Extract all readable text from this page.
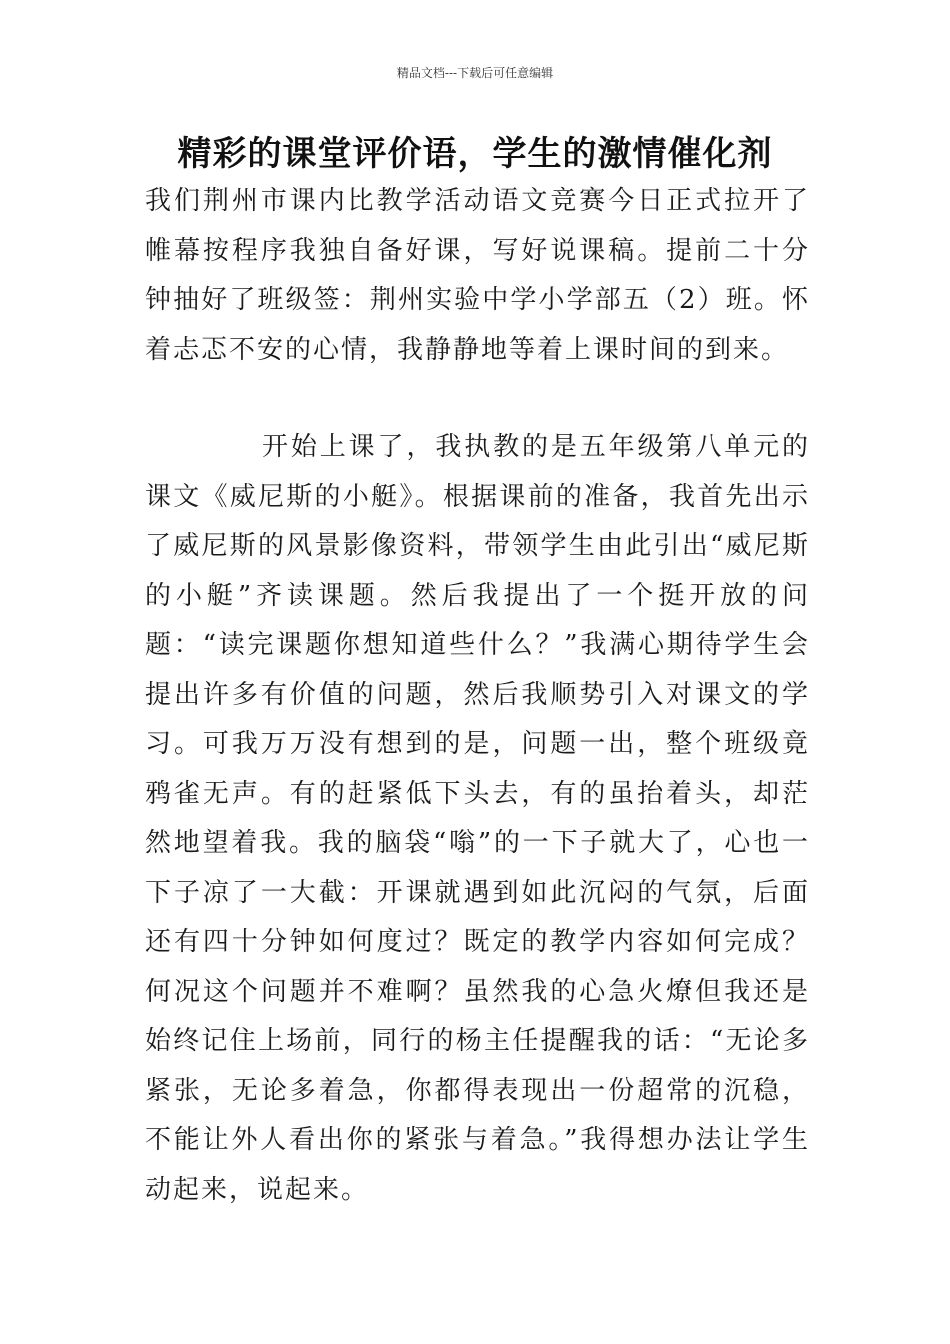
精品文档---下载后可任意编辑
精彩的课堂评价语，学生的激情催化剂

我们荆州市课内比教学活动语文竞赛今日正式拉开了帷幕按程序我独自备好课，写好说课稿。提前二十分钟抽好了班级签：荆州实验中学小学部五（2）班。怀着忐忑不安的心情，我静静地等着上课时间的到来。

开始上课了，我执教的是五年级第八单元的课文《威尼斯的小艇》。根据课前的准备，我首先出示了威尼斯的风景影像资料，带领学生由此引出“威尼斯的小艇”齐读课题。然后我提出了一个挺开放的问题：“读完课题你想知道些什么？”我满心期待学生会提出许多有价值的问题，然后我顺势引入对课文的学习。可我万万没有想到的是，问题一出，整个班级竟鸦雀无声。有的赶紧低下头去，有的虽抬着头，却茫然地望着我。我的脑袋“嗡”的一下子就大了，心也一下子凉了一大截：开课就遇到如此沉闷的气氛，后面还有四十分钟如何度过？既定的教学内容如何完成？何况这个问题并不难啊？虽然我的心急火燎但我还是始终记住上场前，同行的杨主任提醒我的话：“无论多紧张，无论多着急，你都得表现出一份超常的沉稳，不能让外人看出你的紧张与着急。”我得想办法让学生动起来，说起来。
